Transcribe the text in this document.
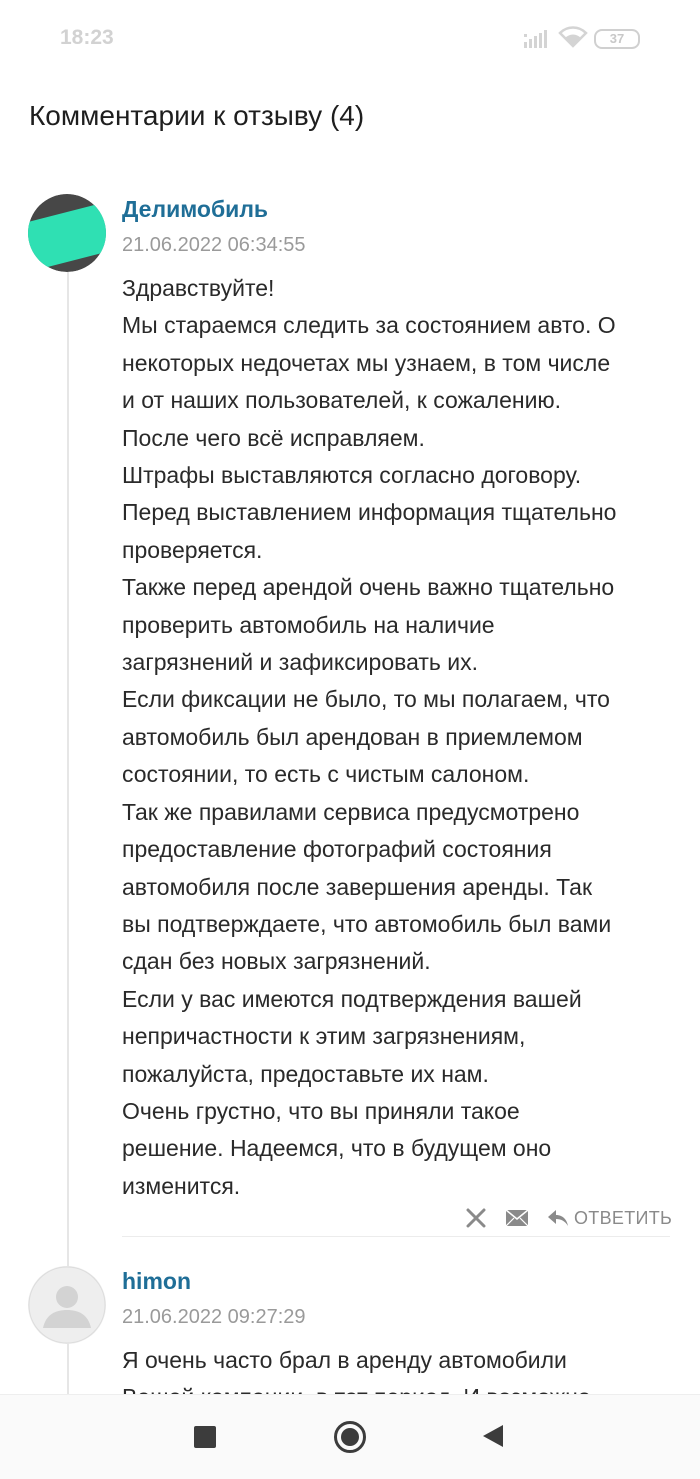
18:23	37
Комментарии к отзыву (4)
Делимобиль
21.06.2022 06:34:55
Здравствуйте!
Мы стараемся следить за состоянием авто. О
некоторых недочетах мы узнаем, в том числе
и от наших пользователей, к сожалению.
После чего всё исправляем.
Штрафы выставляются согласно договору.
Перед выставлением информация тщательно
проверяется.
Также перед арендой очень важно тщательно
проверить автомобиль на наличие
загрязнений и зафиксировать их.
Если фиксации не было, то мы полагаем, что
автомобиль был арендован в приемлемом
состоянии, то есть с чистым салоном.
Так же правилами сервиса предусмотрено
предоставление фотографий состояния
автомобиля после завершения аренды. Так
вы подтверждаете, что автомобиль был вами
сдан без новых загрязнений.
Если у вас имеются подтверждения вашей
непричастности к этим загрязнениям,
пожалуйста, предоставьте их нам.
Очень грустно, что вы приняли такое
решение. Надеемся, что в будущем оно
изменится.
ОТВЕТИТЬ
himon
21.06.2022 09:27:29
Я очень часто брал в аренду автомобили
